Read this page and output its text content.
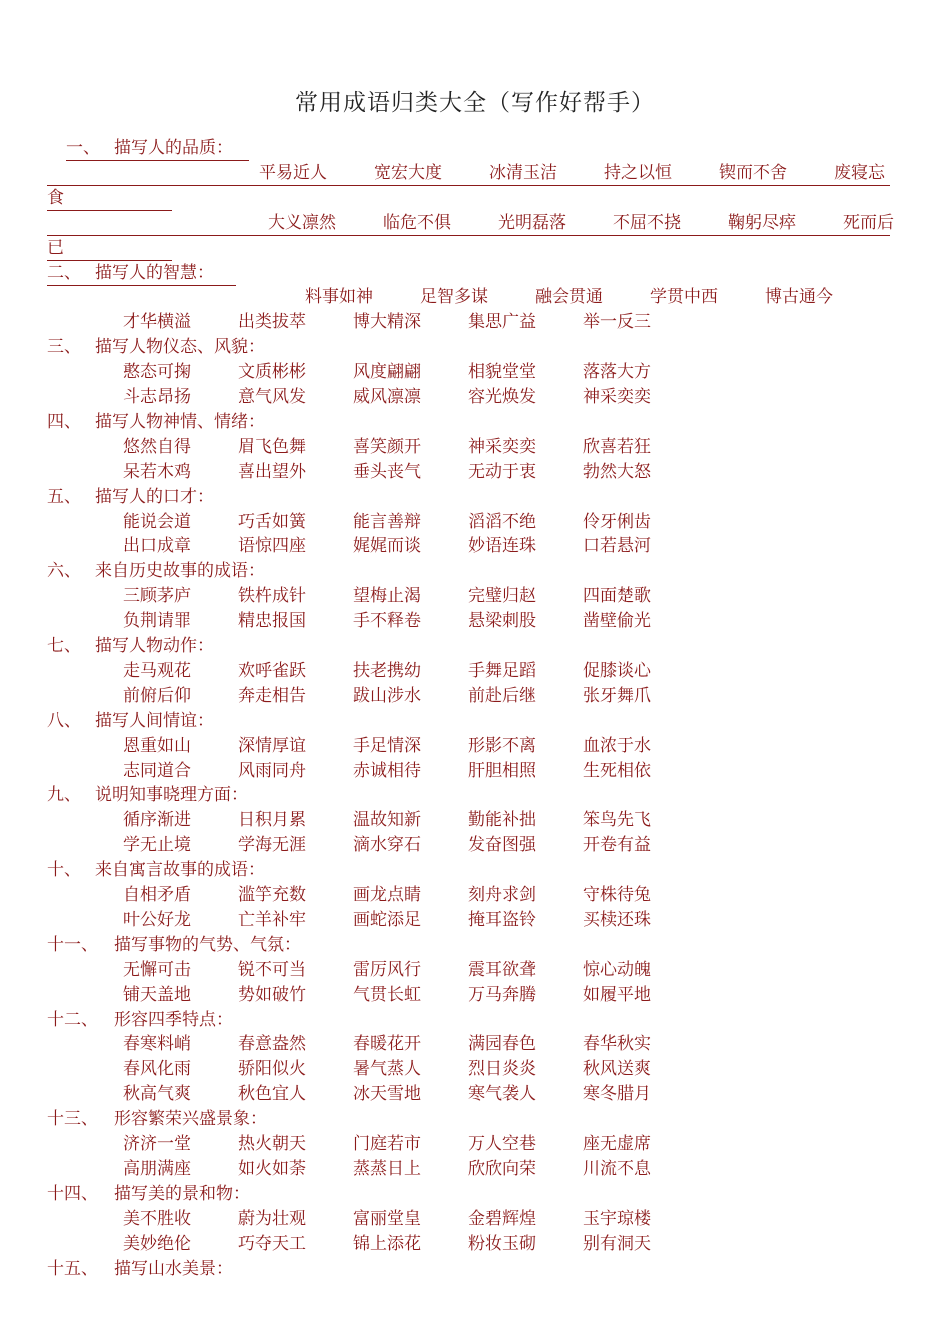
常用成语归类大全（写作好帮手）
一、 描写人的品质：
平易近人	宽宏大度	冰清玉洁	持之以恒	锲而不舍	废寝忘
食
大义凛然	临危不俱	光明磊落	不屈不挠	鞠躬尽瘁	死而后
已
二、 描写人的智慧：
料事如神	足智多谋	融会贯通	学贯中西	博古通今
才华横溢	出类拔萃	博大精深	集思广益	举一反三
三、 描写人物仪态、风貌：
憨态可掬	文质彬彬	风度翩翩	相貌堂堂	落落大方
斗志昂扬	意气风发	威风凛凛	容光焕发	神采奕奕
四、 描写人物神情、情绪：
悠然自得	眉飞色舞	喜笑颜开	神采奕奕	欣喜若狂
呆若木鸡	喜出望外	垂头丧气	无动于衷	勃然大怒
五、 描写人的口才：
能说会道	巧舌如簧	能言善辩	滔滔不绝	伶牙俐齿
出口成章	语惊四座	娓娓而谈	妙语连珠	口若悬河
六、 来自历史故事的成语：
三顾茅庐	铁杵成针	望梅止渴	完璧归赵	四面楚歌
负荆请罪	精忠报国	手不释卷	悬梁刺股	凿壁偷光
七、 描写人物动作：
走马观花	欢呼雀跃	扶老携幼	手舞足蹈	促膝谈心
前俯后仰	奔走相告	跋山涉水	前赴后继	张牙舞爪
八、 描写人间情谊：
恩重如山	深情厚谊	手足情深	形影不离	血浓于水
志同道合	风雨同舟	赤诚相待	肝胆相照	生死相依
九、 说明知事晓理方面：
循序渐进	日积月累	温故知新	勤能补拙	笨鸟先飞
学无止境	学海无涯	滴水穿石	发奋图强	开卷有益
十、 来自寓言故事的成语：
自相矛盾	滥竽充数	画龙点睛	刻舟求剑	守株待兔
叶公好龙	亡羊补牢	画蛇添足	掩耳盗铃	买椟还珠
十一、 描写事物的气势、气氛：
无懈可击	锐不可当	雷厉风行	震耳欲聋	惊心动魄
铺天盖地	势如破竹	气贯长虹	万马奔腾	如履平地
十二、 形容四季特点：
春寒料峭	春意盎然	春暖花开	满园春色	春华秋实
春风化雨	骄阳似火	暑气蒸人	烈日炎炎	秋风送爽
秋高气爽	秋色宜人	冰天雪地	寒气袭人	寒冬腊月
十三、 形容繁荣兴盛景象：
济济一堂	热火朝天	门庭若市	万人空巷	座无虚席
高朋满座	如火如荼	蒸蒸日上	欣欣向荣	川流不息
十四、 描写美的景和物：
美不胜收	蔚为壮观	富丽堂皇	金碧辉煌	玉宇琼楼
美妙绝伦	巧夺天工	锦上添花	粉妆玉砌	别有洞天
十五、 描写山水美景：
